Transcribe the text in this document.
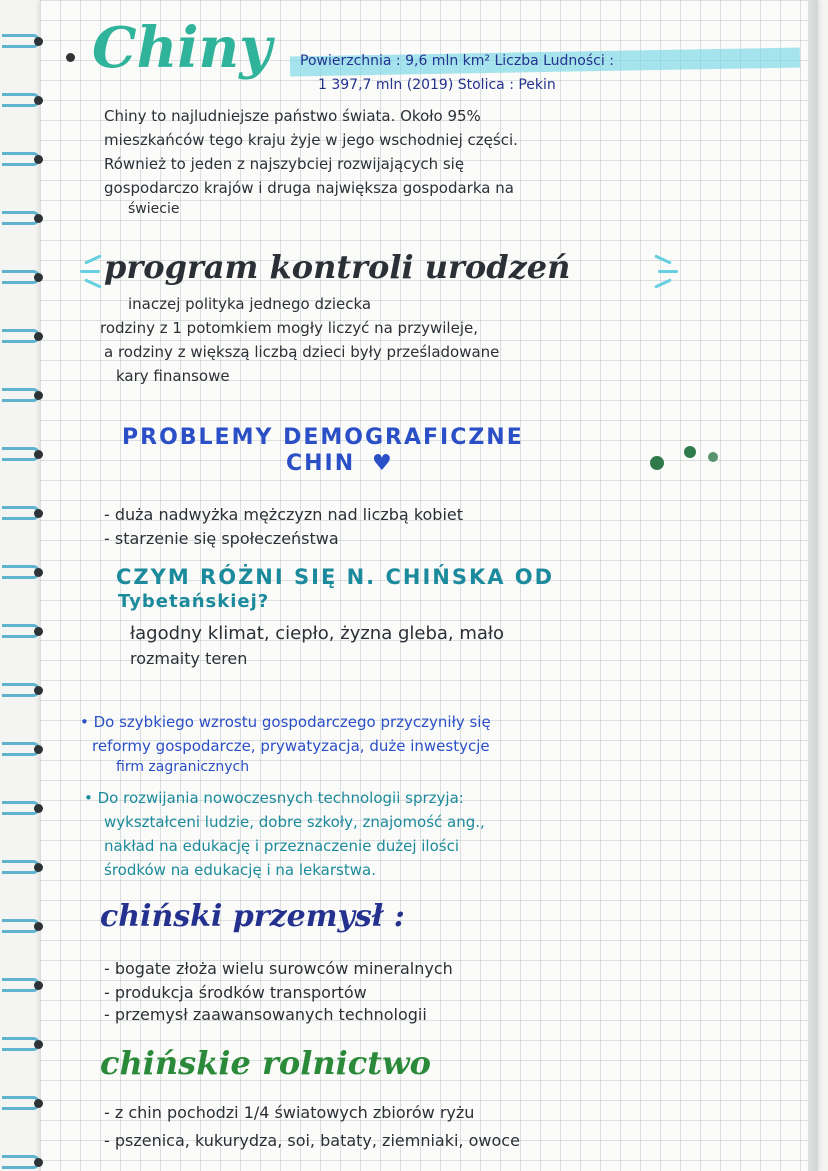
Chiny Powierzchnia : 9,6 mln km² Liczba Ludności :
1 397,7 mln (2019) Stolica : Pekin
Chiny to najludniejsze państwo świata. Około 95%
mieszkańców tego kraju żyje w jego wschodniej części.
Również to jeden z najszybciej rozwijających się
gospodarczo krajów i druga największa gospodarka na
świecie
program kontroli urodzeń
inaczej polityka jednego dziecka
rodziny z 1 potomkiem mogły liczyć na przywileje,
a rodziny z większą liczbą dzieci były prześladowane
kary finansowe
PROBLEMY DEMOGRAFICZNE
CHIN ♥
- duża nadwyżka mężczyzn nad liczbą kobiet
- starzenie się społeczeństwa
CZYM RÓŻNI SIĘ N. CHIŃSKA OD
Tybetańskiej?
łagodny klimat, ciepło, żyzna gleba, mało
rozmaity teren
• Do szybkiego wzrostu gospodarczego przyczyniły się
reformy gospodarcze, prywatyzacja, duże inwestycje
firm zagranicznych
• Do rozwijania nowoczesnych technologii sprzyja:
wykształceni ludzie, dobre szkoły, znajomość ang.,
nakład na edukację i przeznaczenie dużej ilości
środków na edukację i na lekarstwa.
chiński przemysł :
- bogate złoża wielu surowców mineralnych
- produkcja środków transportów
- przemysł zaawansowanych technologii
chińskie rolnictwo
- z chin pochodzi 1/4 światowych zbiorów ryżu
- pszenica, kukurydza, soi, bataty, ziemniaki, owoce
